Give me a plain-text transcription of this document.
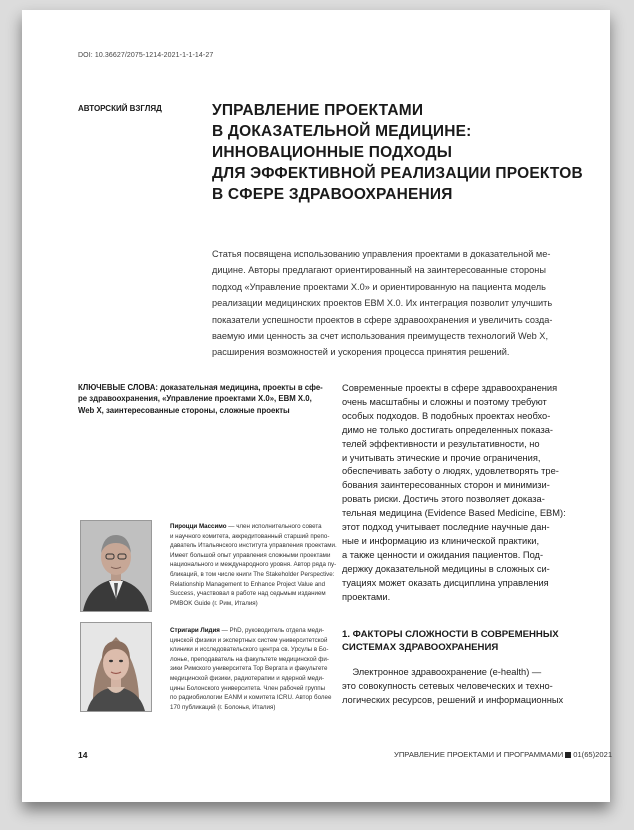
DOI: 10.36627/2075-1214-2021-1-1-14-27
АВТОРСКИЙ ВЗГЛЯД	УПРАВЛЕНИЕ ПРОЕКТАМИ
В ДОКАЗАТЕЛЬНОЙ МЕДИЦИНЕ:
ИННОВАЦИОННЫЕ ПОДХОДЫ
ДЛЯ ЭФФЕКТИВНОЙ РЕАЛИЗАЦИИ ПРОЕКТОВ
В СФЕРЕ ЗДРАВООХРАНЕНИЯ
Статья посвящена использованию управления проектами в доказательной ме-
дицине. Авторы предлагают ориентированный на заинтересованные стороны
подход «Управление проектами X.0» и ориентированную на пациента модель
реализации медицинских проектов ЕВМ Х.0. Их интеграция позволит улучшить
показатели успешности проектов в сфере здравоохранения и увеличить созда-
ваемую ими ценность за счет использования преимуществ технологий Web X,
расширения возможностей и ускорения процесса принятия решений.
КЛЮЧЕВЫЕ СЛОВА: доказательная медицина, проекты в сфе-
ре здравоохранения, «Управление проектами X.0», EBM X.0,
Web X, заинтересованные стороны, сложные проекты
Современные проекты в сфере здравоохранения
очень масштабны и сложны и поэтому требуют
особых подходов. В подобных проектах необхо-
димо не только достигать определенных показа-
телей эффективности и результативности, но
и учитывать этические и прочие ограничения,
обеспечивать заботу о людях, удовлетворять тре-
бования заинтересованных сторон и минимизи-
ровать риски. Достичь этого позволяет доказа-
тельная медицина (Evidence Based Medicine, EBM):
этот подход учитывает последние научные дан-
ные и информацию из клинической практики,
а также ценности и ожидания пациентов. Под-
держку доказательной медицины в сложных си-
туациях может оказать дисциплина управления
проектами.
1. ФАКТОРЫ СЛОЖНОСТИ В СОВРЕМЕННЫХ
СИСТЕМАХ ЗДРАВООХРАНЕНИЯ
Электронное здравоохранение (e-health) —
это совокупность сетевых человеческих и техно-
логических ресурсов, решений и информационных
Пироцци Массимо — член исполнительного совета
и научного комитета, аккредитованный старший препо-
даватель Итальянского института управления проектами.
Имеет большой опыт управления сложными проектами
национального и международного уровня. Автор ряда пу-
бликаций, в том числе книги The Stakeholder Perspective:
Relationship Management to Enhance Project Value and
Success, участвовал в работе над седьмым изданием
PMBOK Guide (г. Рим, Италия)
Стригари Лидия — PhD, руководитель отдела меди-
цинской физики и экспертных систем университетской
клиники и исследовательского центра св. Урсулы в Бо-
лонье, преподаватель на факультете медицинской фи-
зики Римского университета Тор Вергата и факультете
медицинской физики, радиотерапии и ядерной меди-
цины Болонского университета. Член рабочей группы
по радиобиологии EANM и комитета ICRU. Автор более
170 публикаций (г. Болонья, Италия)
14	УПРАВЛЕНИЕ ПРОЕКТАМИ И ПРОГРАММАМИ 01(65)2021
